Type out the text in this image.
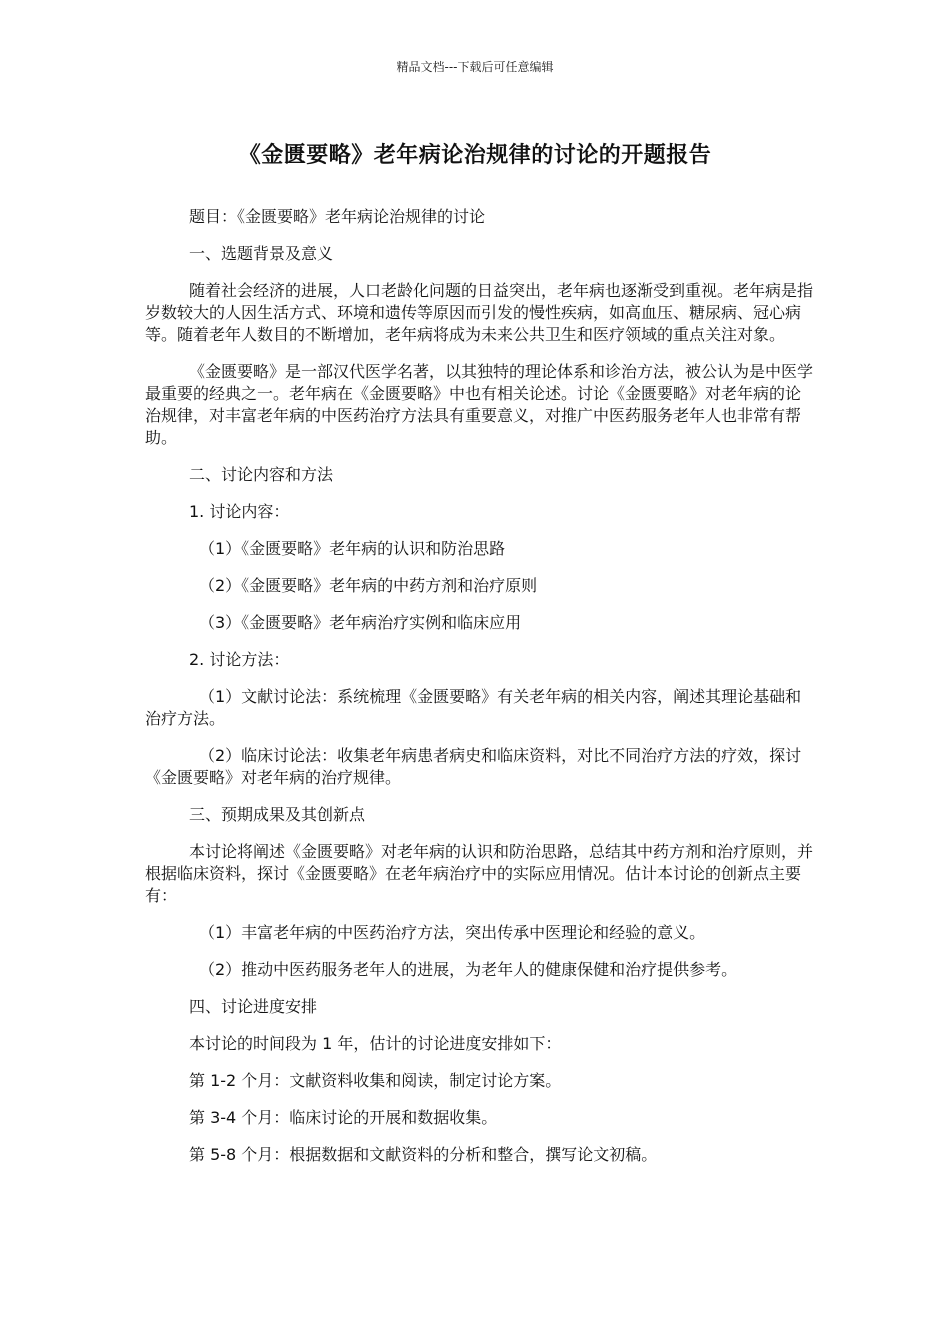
精品文档---下载后可任意编辑
《金匮要略》老年病论治规律的讨论的开题报告

题目：《金匮要略》老年病论治规律的讨论

一、选题背景及意义

随着社会经济的进展，人口老龄化问题的日益突出，老年病也逐渐受到重视。老年病是指岁数较大的人因生活方式、环境和遗传等原因而引发的慢性疾病，如高血压、糖尿病、冠心病等。随着老年人数目的不断增加，老年病将成为未来公共卫生和医疗领域的重点关注对象。

《金匮要略》是一部汉代医学名著，以其独特的理论体系和诊治方法，被公认为是中医学最重要的经典之一。老年病在《金匮要略》中也有相关论述。讨论《金匮要略》对老年病的论治规律，对丰富老年病的中医药治疗方法具有重要意义，对推广中医药服务老年人也非常有帮助。

二、讨论内容和方法

1. 讨论内容：

（1）《金匮要略》老年病的认识和防治思路

（2）《金匮要略》老年病的中药方剂和治疗原则

（3）《金匮要略》老年病治疗实例和临床应用

2. 讨论方法：

（1）文献讨论法：系统梳理《金匮要略》有关老年病的相关内容，阐述其理论基础和治疗方法。

（2）临床讨论法：收集老年病患者病史和临床资料，对比不同治疗方法的疗效，探讨《金匮要略》对老年病的治疗规律。

三、预期成果及其创新点

本讨论将阐述《金匮要略》对老年病的认识和防治思路，总结其中药方剂和治疗原则，并根据临床资料，探讨《金匮要略》在老年病治疗中的实际应用情况。估计本讨论的创新点主要有：

（1）丰富老年病的中医药治疗方法，突出传承中医理论和经验的意义。

（2）推动中医药服务老年人的进展，为老年人的健康保健和治疗提供参考。

四、讨论进度安排

本讨论的时间段为 1 年，估计的讨论进度安排如下：

第 1-2 个月：文献资料收集和阅读，制定讨论方案。

第 3-4 个月：临床讨论的开展和数据收集。

第 5-8 个月：根据数据和文献资料的分析和整合，撰写论文初稿。
